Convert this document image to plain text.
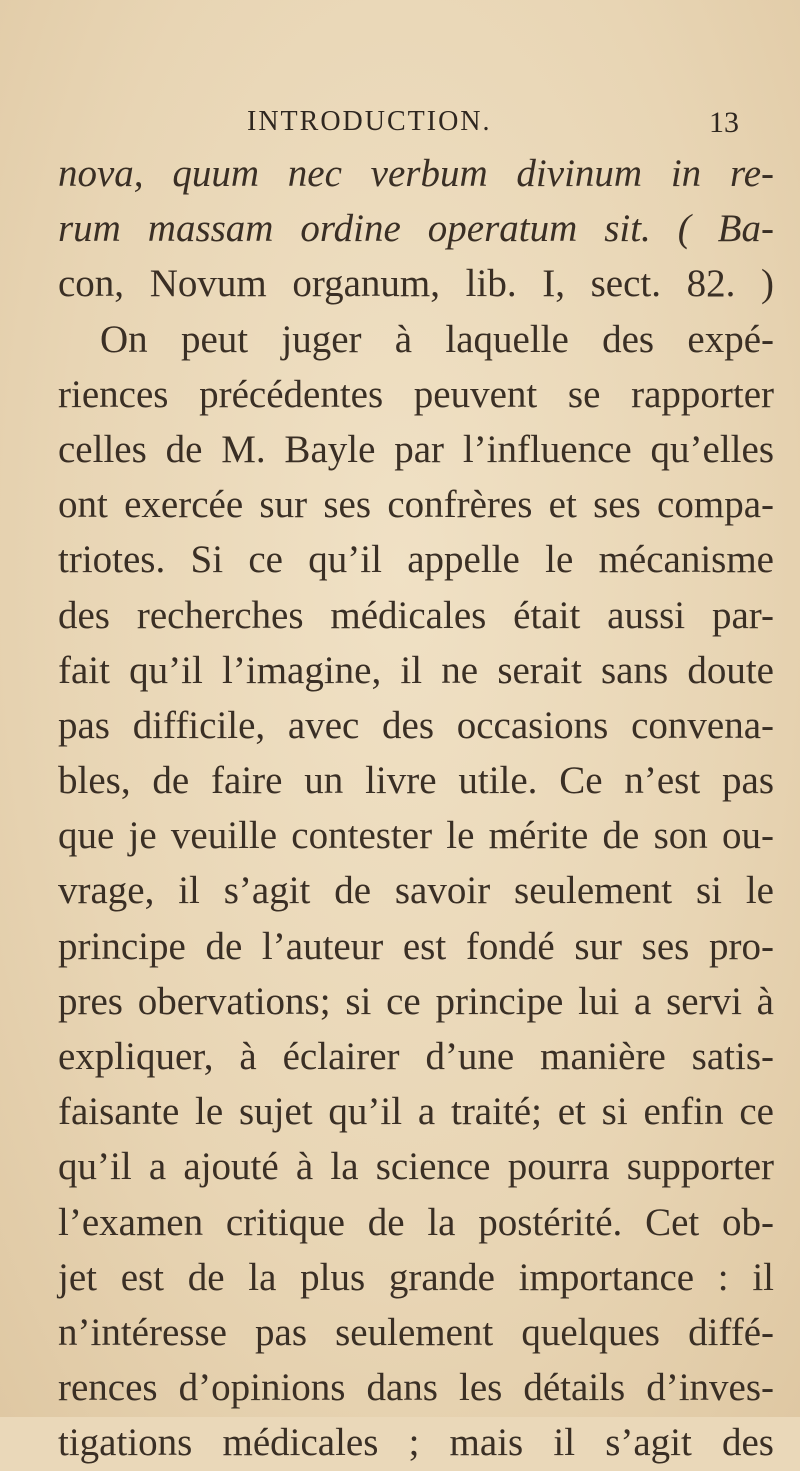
INTRODUCTION.	13
nova, quum nec verbum divinum in re-
rum massam ordine operatum sit. ( Ba-
con, Novum organum, lib. I, sect. 82. )
On peut juger à laquelle des expé-
riences précédentes peuvent se rapporter
celles de M. Bayle par l’influence qu’elles
ont exercée sur ses confrères et ses compa-
triotes. Si ce qu’il appelle le mécanisme
des recherches médicales était aussi par-
fait qu’il l’imagine, il ne serait sans doute
pas difficile, avec des occasions convena-
bles, de faire un livre utile. Ce n’est pas
que je veuille contester le mérite de son ou-
vrage, il s’agit de savoir seulement si le
principe de l’auteur est fondé sur ses pro-
pres obervations; si ce principe lui a servi à
expliquer, à éclairer d’une manière satis-
faisante le sujet qu’il a traité; et si enfin ce
qu’il a ajouté à la science pourra supporter
l’examen critique de la postérité. Cet ob-
jet est de la plus grande importance : il
n’intéresse pas seulement quelques diffé-
rences d’opinions dans les détails d’inves-
tigations médicales ; mais il s’agit des
